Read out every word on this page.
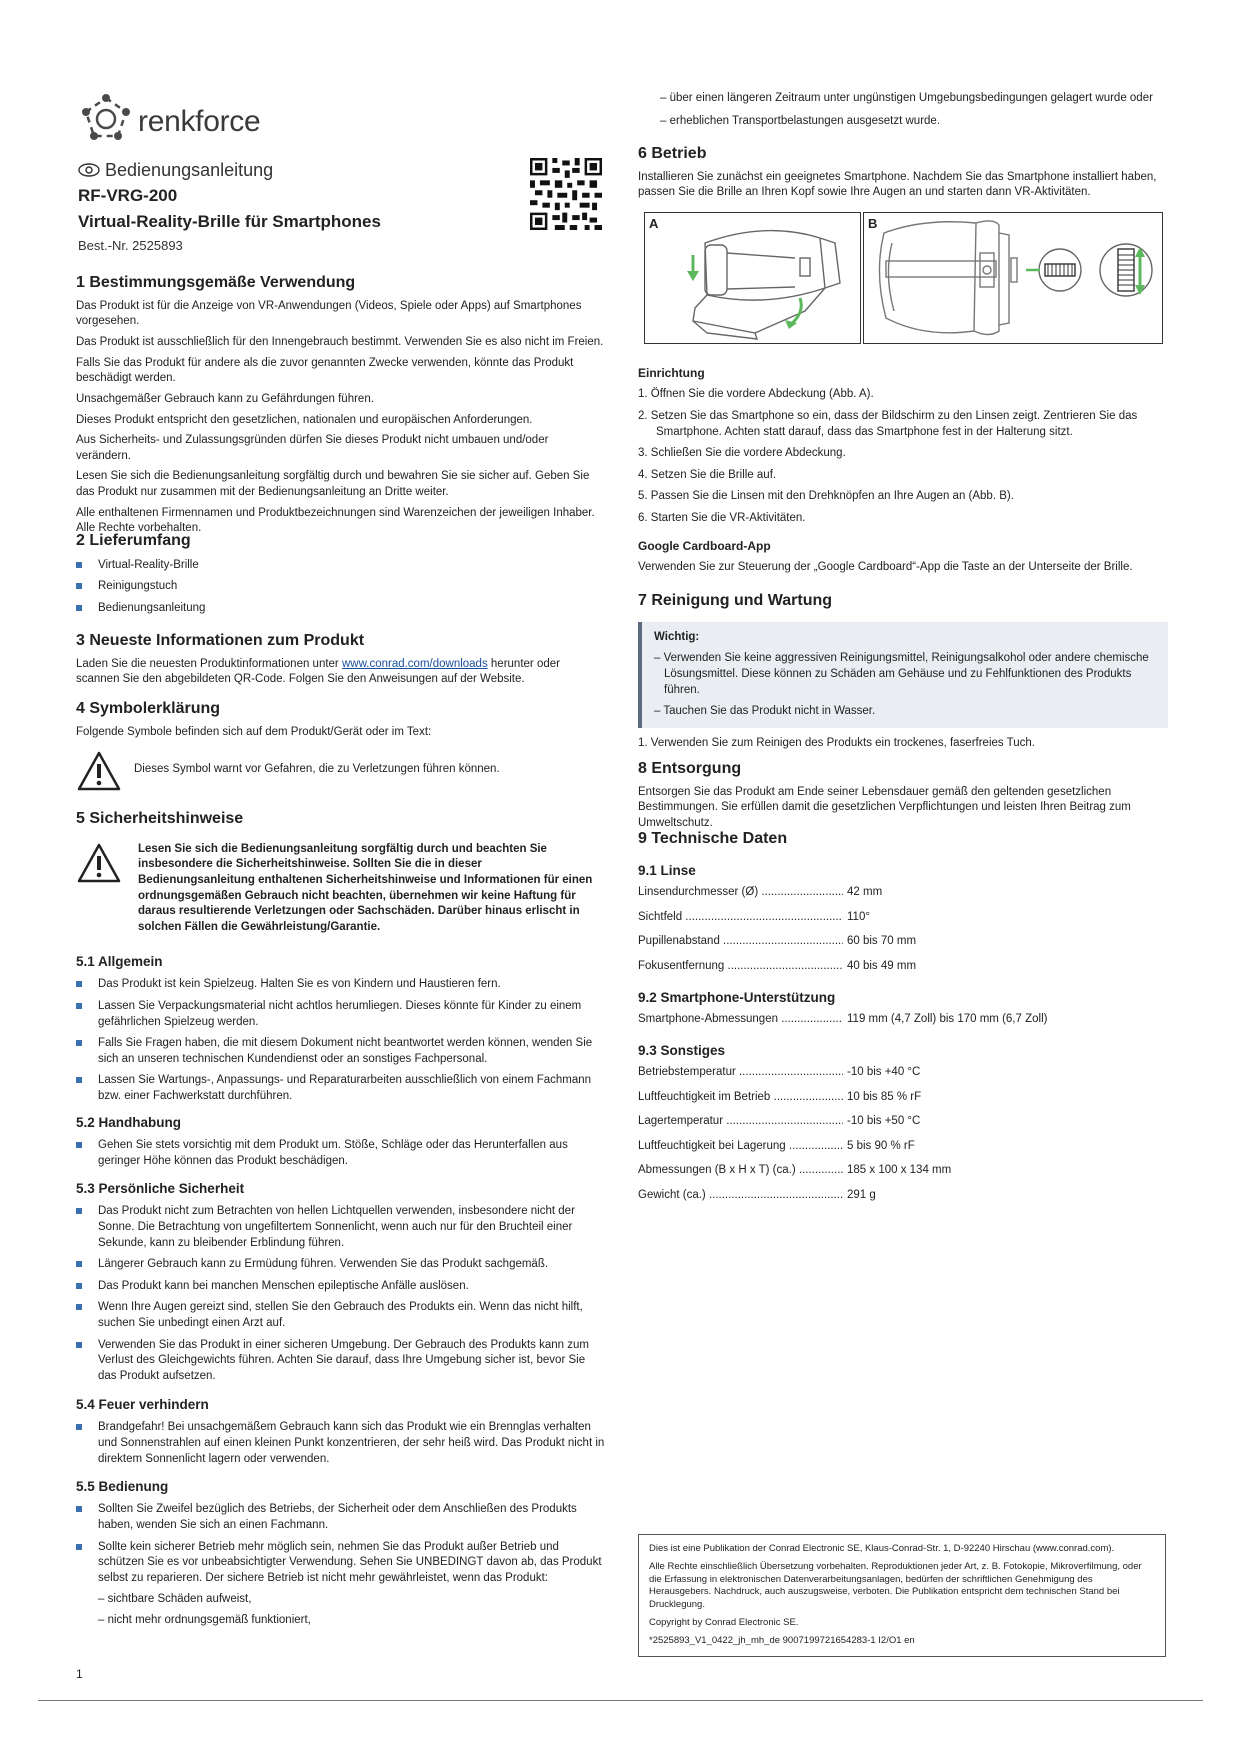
renkforce
Bedienungsanleitung
RF-VRG-200
Virtual-Reality-Brille für Smartphones
Best.-Nr. 2525893
1 Bestimmungsgemäße Verwendung

Das Produkt ist für die Anzeige von VR-Anwendungen (Videos, Spiele oder Apps) auf Smartphones vorgesehen.

Das Produkt ist ausschließlich für den Innengebrauch bestimmt. Verwenden Sie es also nicht im Freien.

Falls Sie das Produkt für andere als die zuvor genannten Zwecke verwenden, könnte das Produkt beschädigt werden.

Unsachgemäßer Gebrauch kann zu Gefährdungen führen.

Dieses Produkt entspricht den gesetzlichen, nationalen und europäischen Anforderungen.

Aus Sicherheits- und Zulassungsgründen dürfen Sie dieses Produkt nicht umbauen und/oder verändern.

Lesen Sie sich die Bedienungsanleitung sorgfältig durch und bewahren Sie sie sicher auf. Geben Sie das Produkt nur zusammen mit der Bedienungsanleitung an Dritte weiter.

Alle enthaltenen Firmennamen und Produktbezeichnungen sind Warenzeichen der jeweiligen Inhaber. Alle Rechte vorbehalten.

2 Lieferumfang
Virtual-Reality-Brille
Reinigungstuch
Bedienungsanleitung
3 Neueste Informationen zum Produkt

Laden Sie die neuesten Produktinformationen unter www.conrad.com/downloads herunter oder scannen Sie den abgebildeten QR-Code. Folgen Sie den Anweisungen auf der Website.

4 Symbolerklärung

Folgende Symbole befinden sich auf dem Produkt/Gerät oder im Text:

Dieses Symbol warnt vor Gefahren, die zu Verletzungen führen können.

5 Sicherheitshinweise

Lesen Sie sich die Bedienungsanleitung sorgfältig durch und beachten Sie insbesondere die Sicherheitshinweise. Sollten Sie die in dieser Bedienungsanleitung enthaltenen Sicherheitshinweise und Informationen für einen ordnungsgemäßen Gebrauch nicht beachten, übernehmen wir keine Haftung für daraus resultierende Verletzungen oder Sachschäden. Darüber hinaus erlischt in solchen Fällen die Gewährleistung/Garantie.

5.1 Allgemein
Das Produkt ist kein Spielzeug. Halten Sie es von Kindern und Haustieren fern.
Lassen Sie Verpackungsmaterial nicht achtlos herumliegen. Dieses könnte für Kinder zu einem gefährlichen Spielzeug werden.
Falls Sie Fragen haben, die mit diesem Dokument nicht beantwortet werden können, wenden Sie sich an unseren technischen Kundendienst oder an sonstiges Fachpersonal.
Lassen Sie Wartungs-, Anpassungs- und Reparaturarbeiten ausschließlich von einem Fachmann bzw. einer Fachwerkstatt durchführen.
5.2 Handhabung
Gehen Sie stets vorsichtig mit dem Produkt um. Stöße, Schläge oder das Herunterfallen aus geringer Höhe können das Produkt beschädigen.
5.3 Persönliche Sicherheit
Das Produkt nicht zum Betrachten von hellen Lichtquellen verwenden, insbesondere nicht der Sonne. Die Betrachtung von ungefiltertem Sonnenlicht, wenn auch nur für den Bruchteil einer Sekunde, kann zu bleibender Erblindung führen.
Längerer Gebrauch kann zu Ermüdung führen. Verwenden Sie das Produkt sachgemäß.
Das Produkt kann bei manchen Menschen epileptische Anfälle auslösen.
Wenn Ihre Augen gereizt sind, stellen Sie den Gebrauch des Produkts ein. Wenn das nicht hilft, suchen Sie unbedingt einen Arzt auf.
Verwenden Sie das Produkt in einer sicheren Umgebung. Der Gebrauch des Produkts kann zum Verlust des Gleichgewichts führen. Achten Sie darauf, dass Ihre Umgebung sicher ist, bevor Sie das Produkt aufsetzen.
5.4 Feuer verhindern
Brandgefahr! Bei unsachgemäßem Gebrauch kann sich das Produkt wie ein Brennglas verhalten und Sonnenstrahlen auf einen kleinen Punkt konzentrieren, der sehr heiß wird. Das Produkt nicht in direktem Sonnenlicht lagern oder verwenden.
5.5 Bedienung
Sollten Sie Zweifel bezüglich des Betriebs, der Sicherheit oder dem Anschließen des Produkts haben, wenden Sie sich an einen Fachmann.
Sollte kein sicherer Betrieb mehr möglich sein, nehmen Sie das Produkt außer Betrieb und schützen Sie es vor unbeabsichtigter Verwendung. Sehen Sie UNBEDINGT davon ab, das Produkt selbst zu reparieren. Der sichere Betrieb ist nicht mehr gewährleistet, wenn das Produkt:

– sichtbare Schäden aufweist,

– nicht mehr ordnungsgemäß funktioniert,

1

– über einen längeren Zeitraum unter ungünstigen Umgebungsbedingungen gelagert wurde oder

– erheblichen Transportbelastungen ausgesetzt wurde.

6 Betrieb

Installieren Sie zunächst ein geeignetes Smartphone. Nachdem Sie das Smartphone installiert haben, passen Sie die Brille an Ihren Kopf sowie Ihre Augen an und starten dann VR-Aktivitäten.

A	B
Einrichtung
1. Öffnen Sie die vordere Abdeckung (Abb. A).
2. Setzen Sie das Smartphone so ein, dass der Bildschirm zu den Linsen zeigt. Zentrieren Sie das Smartphone. Achten statt darauf, dass das Smartphone fest in der Halterung sitzt.
3. Schließen Sie die vordere Abdeckung.
4. Setzen Sie die Brille auf.
5. Passen Sie die Linsen mit den Drehknöpfen an Ihre Augen an (Abb. B).
6. Starten Sie die VR-Aktivitäten.
Google Cardboard-App

Verwenden Sie zur Steuerung der „Google Cardboard“-App die Taste an der Unterseite der Brille.

7 Reinigung und Wartung

Wichtig:

– Verwenden Sie keine aggressiven Reinigungsmittel, Reinigungsalkohol oder andere chemische Lösungsmittel. Diese können zu Schäden am Gehäuse und zu Fehlfunktionen des Produkts führen.

– Tauchen Sie das Produkt nicht in Wasser.

1. Verwenden Sie zum Reinigen des Produkts ein trockenes, faserfreies Tuch.

8 Entsorgung

Entsorgen Sie das Produkt am Ende seiner Lebensdauer gemäß den geltenden gesetzlichen Bestimmungen. Sie erfüllen damit die gesetzlichen Verpflichtungen und leisten Ihren Beitrag zum Umweltschutz.

9 Technische Daten
9.1 Linse
Linsendurchmesser (Ø) .....	42 mm
Sichtfeld .....	110°
Pupillenabstand .....	60 bis 70 mm
Fokusentfernung .....	40 bis 49 mm
9.2 Smartphone-Unterstützung
Smartphone-Abmessungen .....	119 mm (4,7 Zoll) bis 170 mm (6,7 Zoll)
9.3 Sonstiges
Betriebstemperatur .....	-10 bis +40 °C
Luftfeuchtigkeit im Betrieb .....	10 bis 85 % rF
Lagertemperatur .....	-10 bis +50 °C
Luftfeuchtigkeit bei Lagerung .....	5 bis 90 % rF
Abmessungen (B x H x T) (ca.) .....	185 x 100 x 134 mm
Gewicht (ca.) .....	291 g

Dies ist eine Publikation der Conrad Electronic SE, Klaus-Conrad-Str. 1, D-92240 Hirschau (www.conrad.com).

Alle Rechte einschließlich Übersetzung vorbehalten. Reproduktionen jeder Art, z. B. Fotokopie, Mikroverfilmung, oder die Erfassung in elektronischen Datenverarbeitungsanlagen, bedürfen der schriftlichen Genehmigung des Herausgebers. Nachdruck, auch auszugsweise, verboten. Die Publikation entspricht dem technischen Stand bei Drucklegung.

Copyright by Conrad Electronic SE.

*2525893_V1_0422_jh_mh_de 9007199721654283-1 I2/O1 en
